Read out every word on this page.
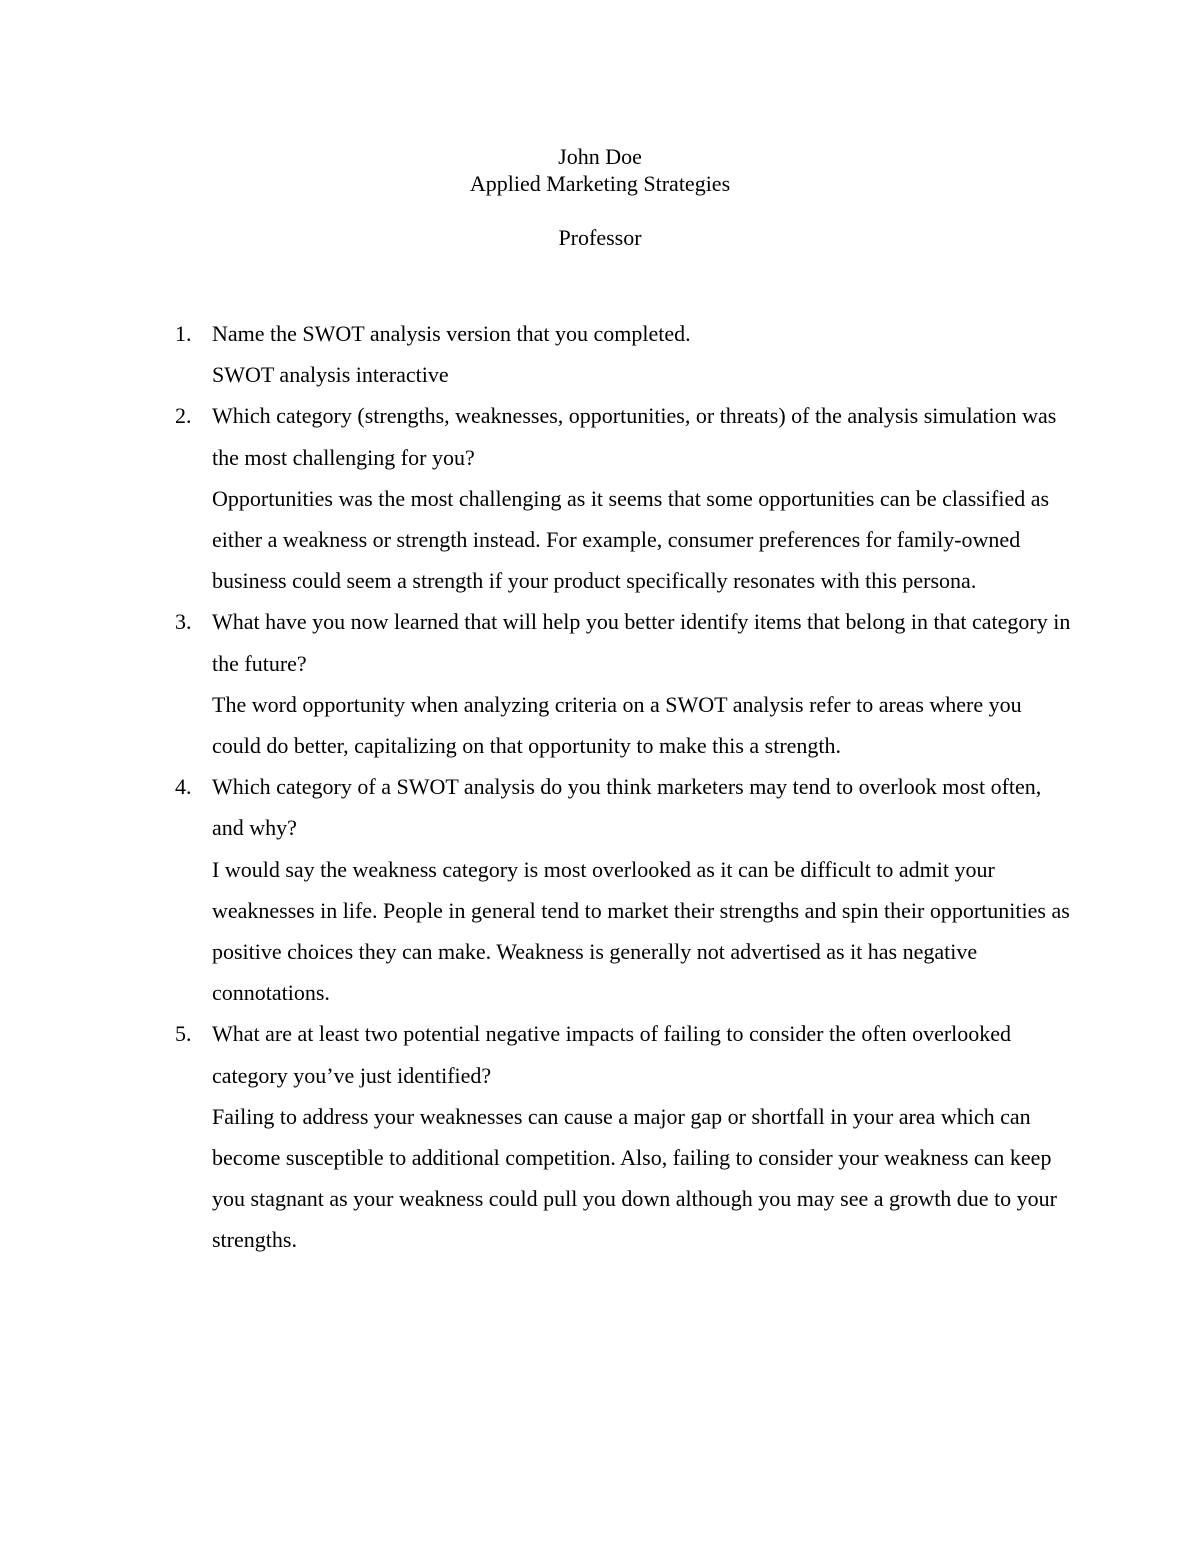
John Doe
Applied Marketing Strategies
Professor
1. Name the SWOT analysis version that you completed.
SWOT analysis interactive
2. Which category (strengths, weaknesses, opportunities, or threats) of the analysis simulation was the most challenging for you?
Opportunities was the most challenging as it seems that some opportunities can be classified as either a weakness or strength instead. For example, consumer preferences for family-owned business could seem a strength if your product specifically resonates with this persona.
3. What have you now learned that will help you better identify items that belong in that category in the future?
The word opportunity when analyzing criteria on a SWOT analysis refer to areas where you could do better, capitalizing on that opportunity to make this a strength.
4. Which category of a SWOT analysis do you think marketers may tend to overlook most often, and why?
I would say the weakness category is most overlooked as it can be difficult to admit your weaknesses in life. People in general tend to market their strengths and spin their opportunities as positive choices they can make. Weakness is generally not advertised as it has negative connotations.
5. What are at least two potential negative impacts of failing to consider the often overlooked category you’ve just identified?
Failing to address your weaknesses can cause a major gap or shortfall in your area which can become susceptible to additional competition. Also, failing to consider your weakness can keep you stagnant as your weakness could pull you down although you may see a growth due to your strengths.
